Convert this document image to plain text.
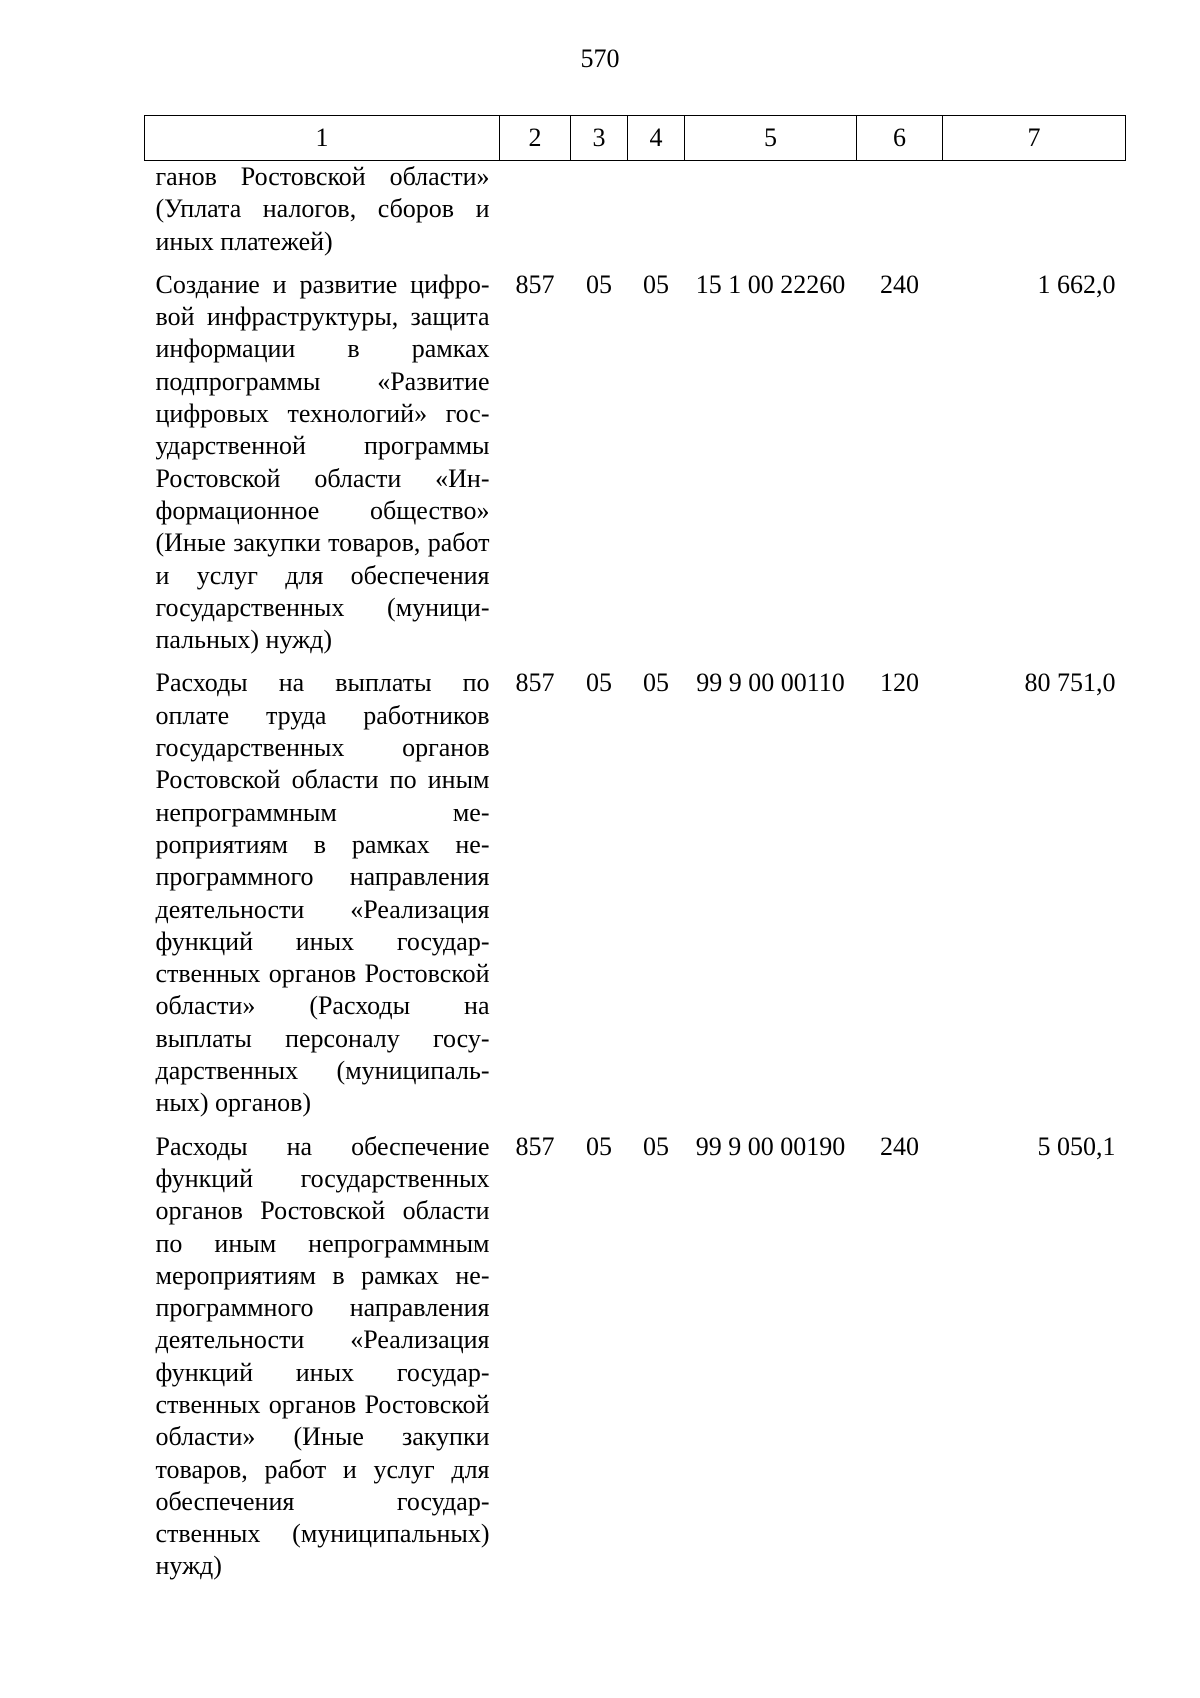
570
1	2	3	4	5	6	7
ганов Ростовской области» (Уплата налогов, сборов и иных платежей)						
Создание и развитие цифровой инфраструктуры, защита информации в рамках подпрограммы «Развитие цифровых технологий» государственной программы Ростовской области «Информационное общество» (Иные закупки товаров, работ и услуг для обеспечения государственных (муниципальных) нужд)	857	05	05	15 1 00 22260	240	1 662,0
Расходы на выплаты по оплате труда работников государственных органов Ростовской области по иным непрограммным мероприятиям в рамках непрограммного направления деятельности «Реализация функций иных государственных органов Ростовской области» (Расходы на выплаты персоналу государственных (муниципальных) органов)	857	05	05	99 9 00 00110	120	80 751,0
Расходы на обеспечение функций государственных органов Ростовской области по иным непрограммным мероприятиям в рамках непрограммного направления деятельности «Реализация функций иных государственных органов Ростовской области» (Иные закупки товаров, работ и услуг для обеспечения государственных (муниципальных) нужд)	857	05	05	99 9 00 00190	240	5 050,1
